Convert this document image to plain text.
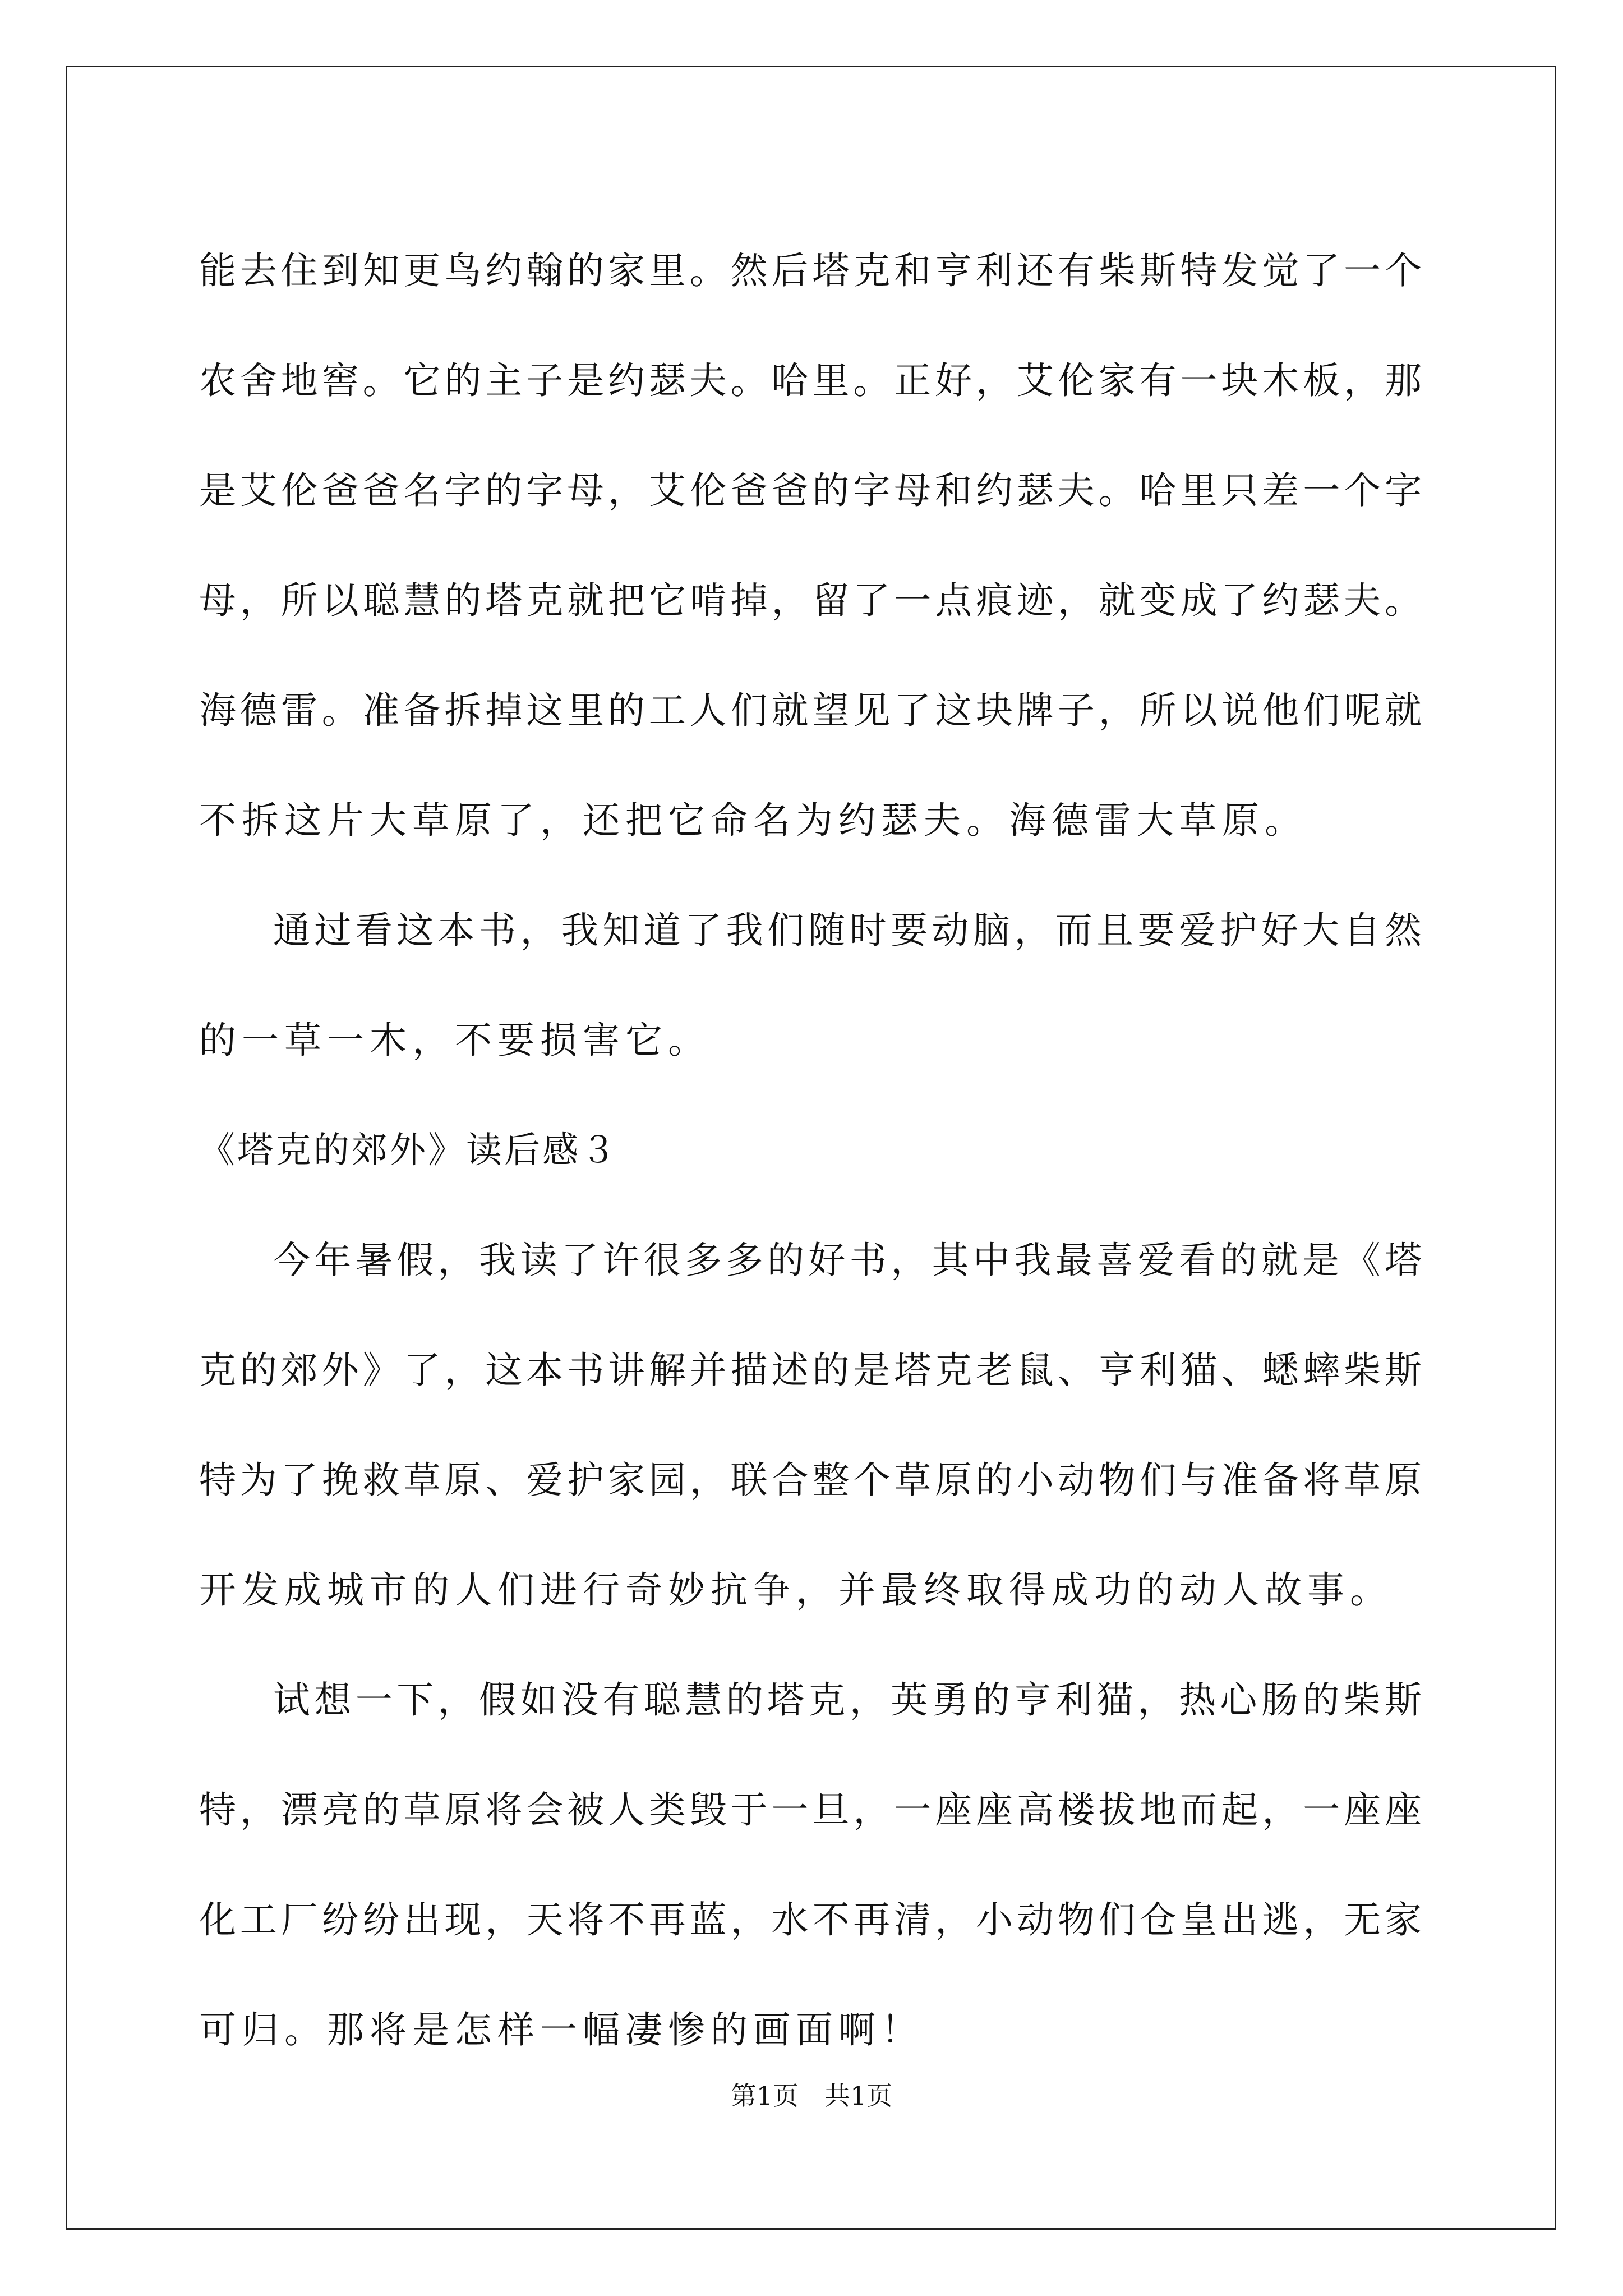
能去住到知更鸟约翰的家里。然后塔克和亨利还有柴斯特发觉了一个
农舍地窖。它的主子是约瑟夫。哈里。正好，艾伦家有一块木板，那
是艾伦爸爸名字的字母，艾伦爸爸的字母和约瑟夫。哈里只差一个字
母，所以聪慧的塔克就把它啃掉，留了一点痕迹，就变成了约瑟夫。
海德雷。准备拆掉这里的工人们就望见了这块牌子，所以说他们呢就
不拆这片大草原了，还把它命名为约瑟夫。海德雷大草原。
通过看这本书，我知道了我们随时要动脑，而且要爱护好大自然
的一草一木，不要损害它。
《塔克的郊外》读后感３
今年暑假，我读了许很多多的好书，其中我最喜爱看的就是《塔
克的郊外》了，这本书讲解并描述的是塔克老鼠、亨利猫、蟋蟀柴斯
特为了挽救草原、爱护家园，联合整个草原的小动物们与准备将草原
开发成城市的人们进行奇妙抗争，并最终取得成功的动人故事。
试想一下，假如没有聪慧的塔克，英勇的亨利猫，热心肠的柴斯
特，漂亮的草原将会被人类毁于一旦，一座座高楼拔地而起，一座座
化工厂纷纷出现，天将不再蓝，水不再清，小动物们仓皇出逃，无家
可归。那将是怎样一幅凄惨的画面啊！
第1页　共1页
